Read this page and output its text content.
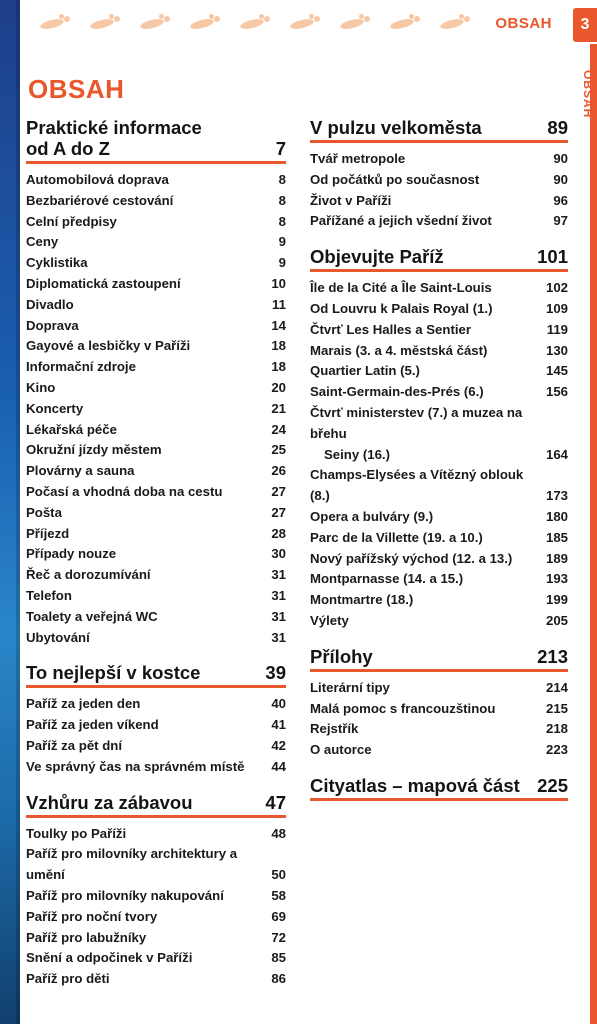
OBSAH
OBSAH	3
OBSAH
Praktické informace
od A do Z	7
Automobilová doprava	8
Bezbariérové cestování	8
Celní předpisy	8
Ceny	9
Cyklistika	9
Diplomatická zastoupení	10
Divadlo	11
Doprava	14
Gayové a lesbičky v Paříži	18
Informační zdroje	18
Kino	20
Koncerty	21
Lékařská péče	24
Okružní jízdy městem	25
Plovárny a sauna	26
Počasí a vhodná doba na cestu	27
Pošta	27
Příjezd	28
Případy nouze	30
Řeč a dorozumívání	31
Telefon	31
Toalety a veřejná WC	31
Ubytování	31
To nejlepší v kostce	39
Paříž za jeden den	40
Paříž za jeden víkend	41
Paříž za pět dní	42
Ve správný čas na správném místě	44
Vzhůru za zábavou	47
Toulky po Paříži	48
Paříž pro milovníky architektury a umění	50
Paříž pro milovníky nakupování	58
Paříž pro noční tvory	69
Paříž pro labužníky	72
Snění a odpočinek v Paříži	85
Paříž pro děti	86
V pulzu velkoměsta	89
Tvář metropole	90
Od počátků po současnost	90
Život v Paříži	96
Pařížané a jejich všední život	97
Objevujte Paříž	101
Île de la Cité a Île Saint-Louis	102
Od Louvru k Palais Royal (1.)	109
Čtvrť Les Halles a Sentier	119
Marais (3. a 4. městská část)	130
Quartier Latin (5.)	145
Saint-Germain-des-Prés (6.)	156
Čtvrť ministerstev (7.) a muzea na břehu
Seiny (16.)	164
Champs-Elysées a Vítězný oblouk (8.)	173
Opera a bulváry (9.)	180
Parc de la Villette (19. a 10.)	185
Nový pařížský východ (12. a 13.)	189
Montparnasse (14. a 15.)	193
Montmartre (18.)	199
Výlety	205
Přílohy	213
Literární tipy	214
Malá pomoc s francouzštinou	215
Rejstřík	218
O autorce	223
Cityatlas – mapová část 225
